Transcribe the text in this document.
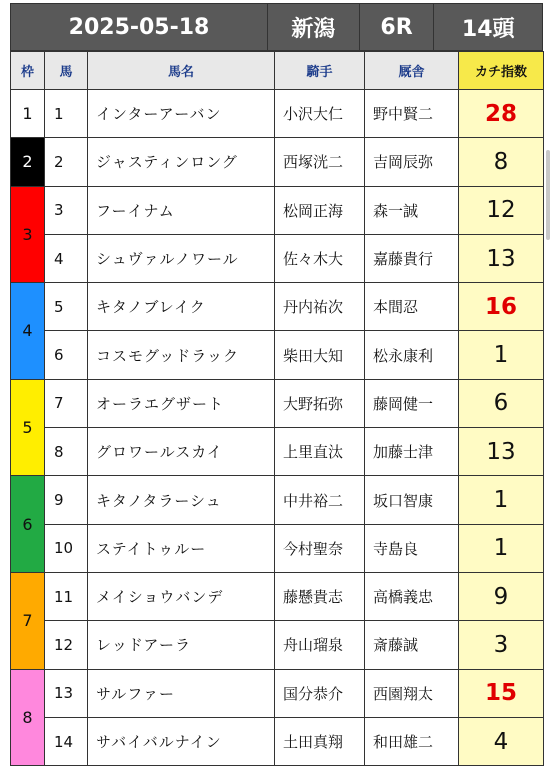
2025-05-18	新潟	6R	14頭
枠	馬	馬名	騎手	厩舎	カチ指数
1	1	インターアーバン	小沢大仁	野中賢二	28
2	2	ジャスティンロング	西塚洸二	吉岡辰弥	8
3	3	フーイナム	松岡正海	森一誠	12
	4	シュヴァルノワール	佐々木大	嘉藤貴行	13
4	5	キタノブレイク	丹内祐次	本間忍	16
	6	コスモグッドラック	柴田大知	松永康利	1
5	7	オーラエグザート	大野拓弥	藤岡健一	6
	8	グロワールスカイ	上里直汰	加藤士津	13
6	9	キタノタラーシュ	中井裕二	坂口智康	1
	10	ステイトゥルー	今村聖奈	寺島良	1
7	11	メイショウバンデ	藤懸貴志	高橋義忠	9
	12	レッドアーラ	舟山瑠泉	斎藤誠	3
8	13	サルファー	国分恭介	西園翔太	15
	14	サバイバルナイン	土田真翔	和田雄二	4
